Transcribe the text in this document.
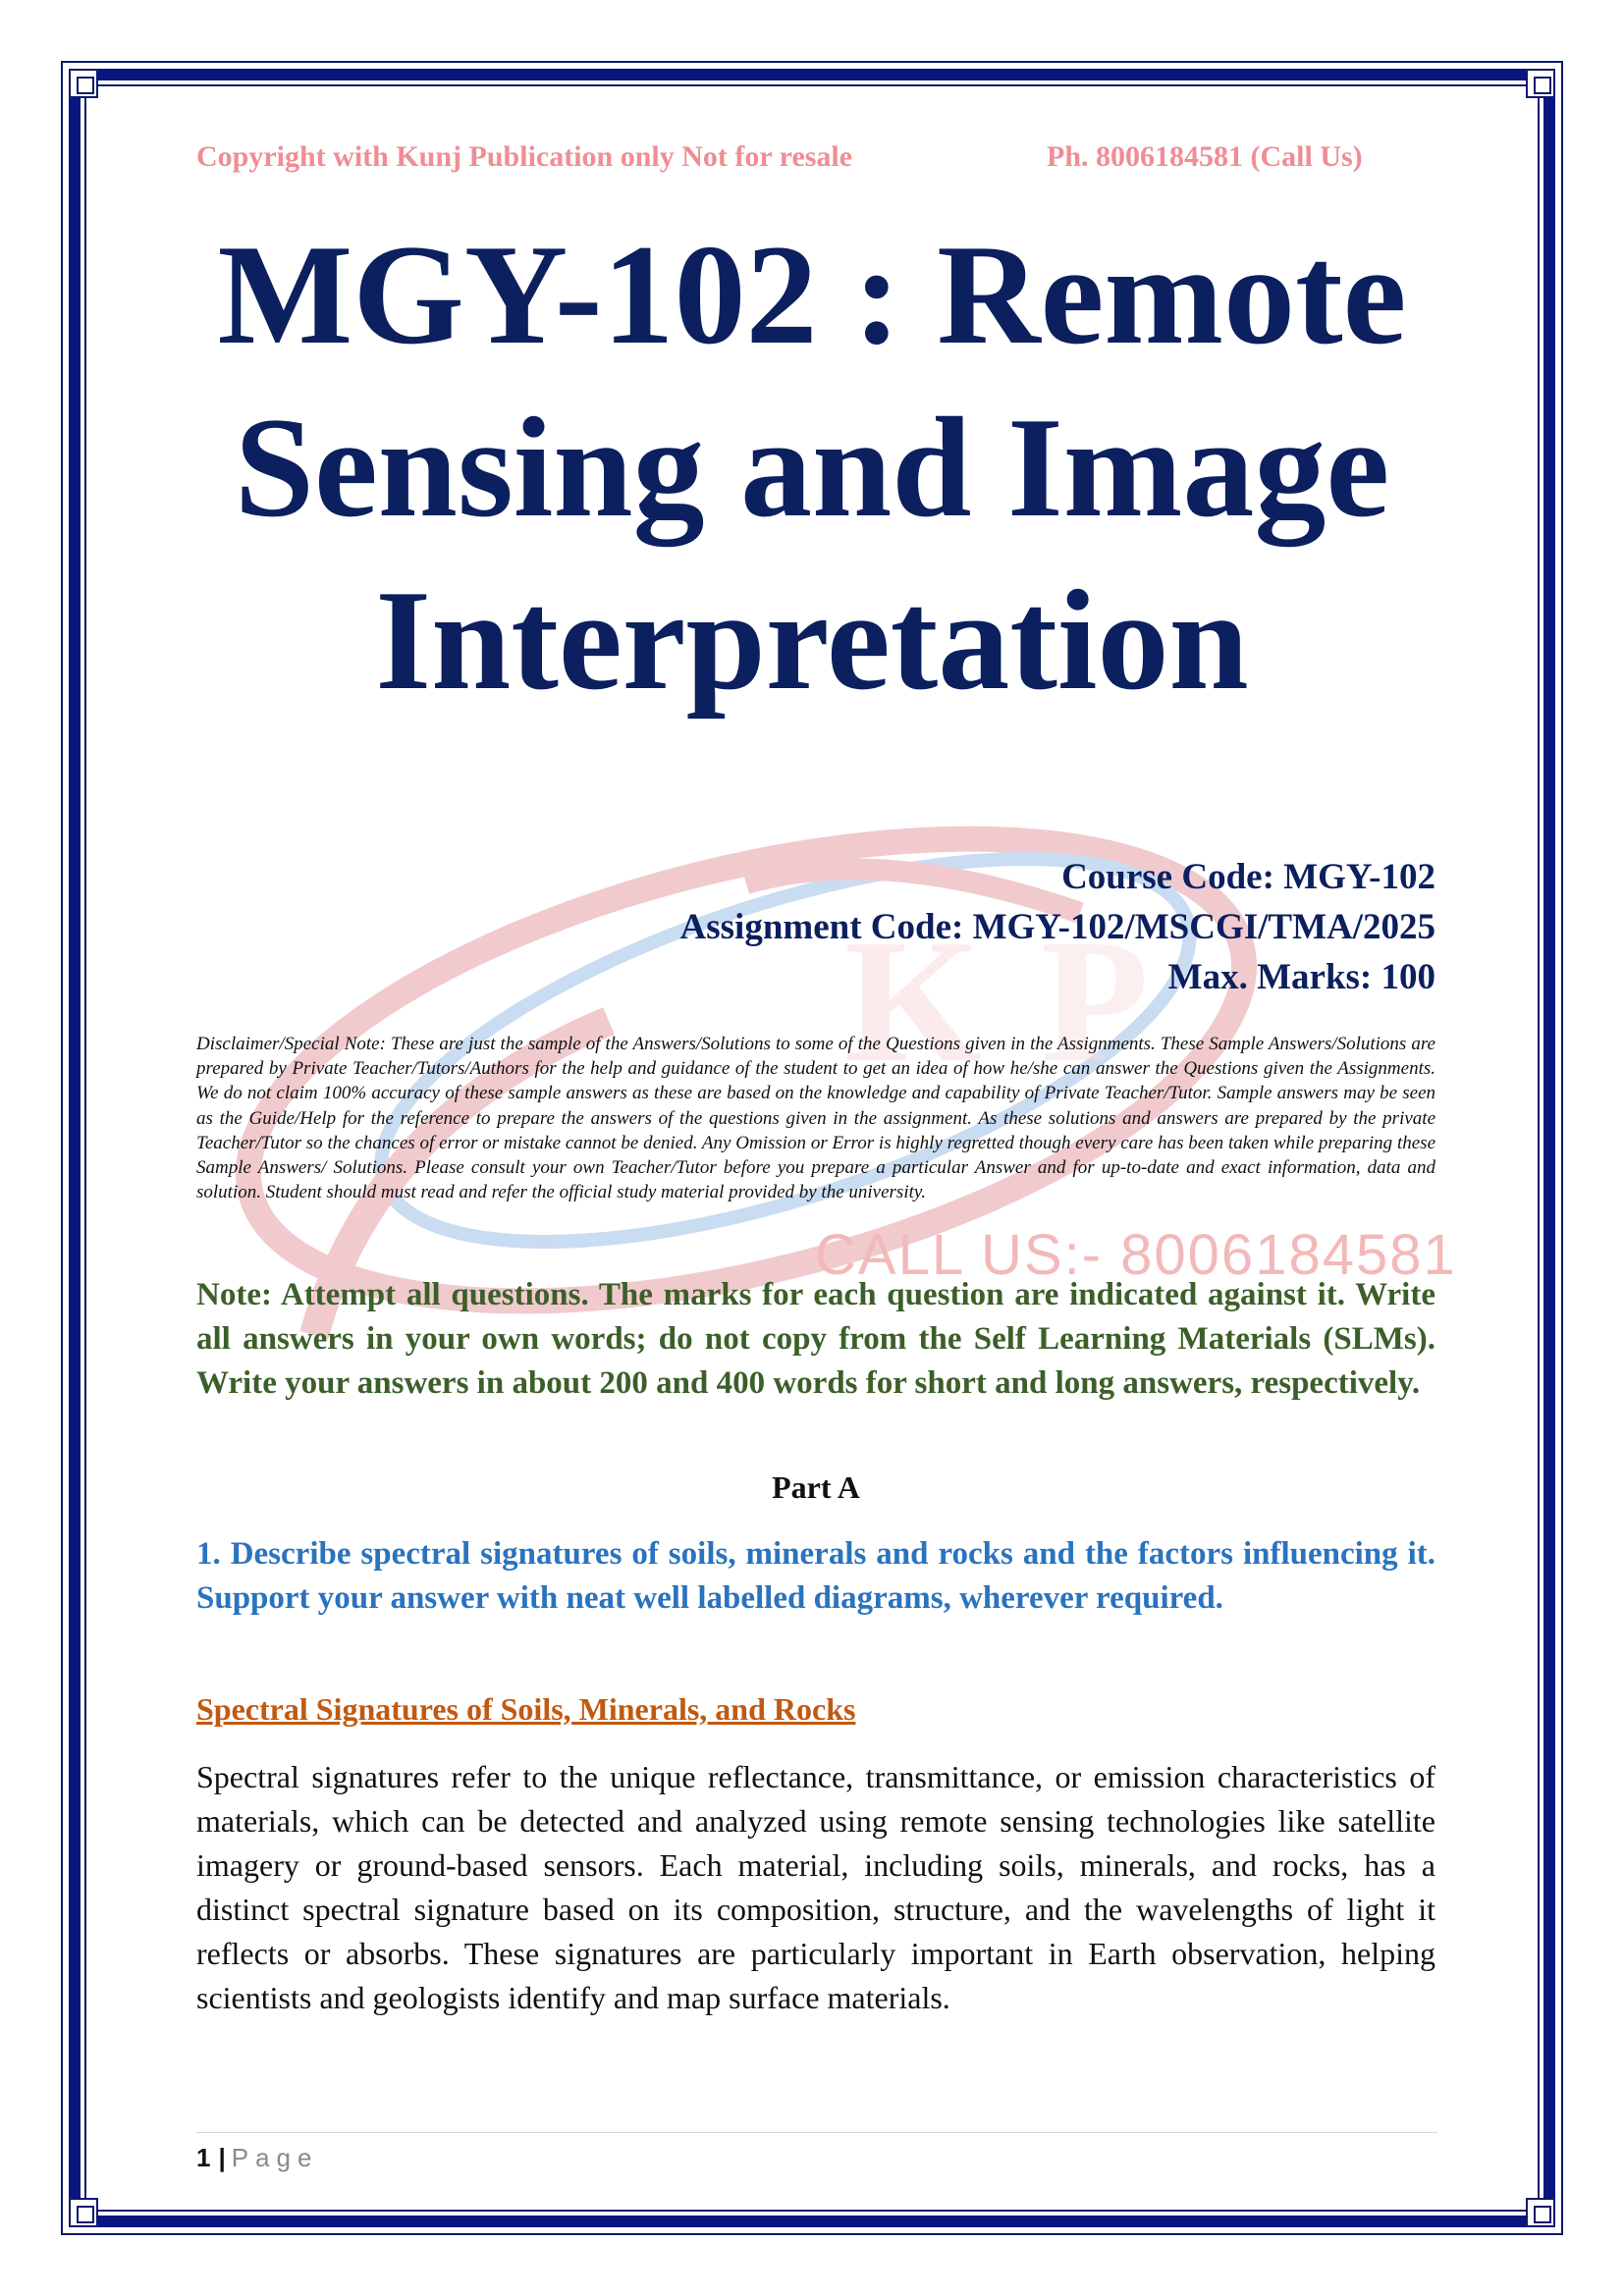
K P
CALL US:- 8006184581
Copyright with Kunj Publication only Not for resale	Ph. 8006184581 (Call Us)
MGY-102 : Remote
Sensing and Image
Interpretation
Course Code: MGY-102
Assignment Code: MGY-102/MSCGI/TMA/2025
Max. Marks: 100

Disclaimer/Special Note: These are just the sample of the Answers/Solutions to some of the Questions given in the Assignments. These Sample Answers/Solutions are prepared by Private Teacher/Tutors/Authors for the help and guidance of the student to get an idea of how he/she can answer the Questions given the Assignments. We do not claim 100% accuracy of these sample answers as these are based on the knowledge and capability of Private Teacher/Tutor. Sample answers may be seen as the Guide/Help for the reference to prepare the answers of the questions given in the assignment. As these solutions and answers are prepared by the private Teacher/Tutor so the chances of error or mistake cannot be denied. Any Omission or Error is highly regretted though every care has been taken while preparing these Sample Answers/ Solutions. Please consult your own Teacher/Tutor before you prepare a particular Answer and for up-to-date and exact information, data and solution. Student should must read and refer the official study material provided by the university.

Note: Attempt all questions. The marks for each question are indicated against it. Write all answers in your own words; do not copy from the Self Learning Materials (SLMs). Write your answers in about 200 and 400 words for short and long answers, respectively.

Part A

1. Describe spectral signatures of soils, minerals and rocks and the factors influencing it. Support your answer with neat well labelled diagrams, wherever required.

Spectral Signatures of Soils, Minerals, and Rocks

Spectral signatures refer to the unique reflectance, transmittance, or emission characteristics of materials, which can be detected and analyzed using remote sensing technologies like satellite imagery or ground-based sensors. Each material, including soils, minerals, and rocks, has a distinct spectral signature based on its composition, structure, and the wavelengths of light it reflects or absorbs. These signatures are particularly important in Earth observation, helping scientists and geologists identify and map surface materials.

1 | Page
